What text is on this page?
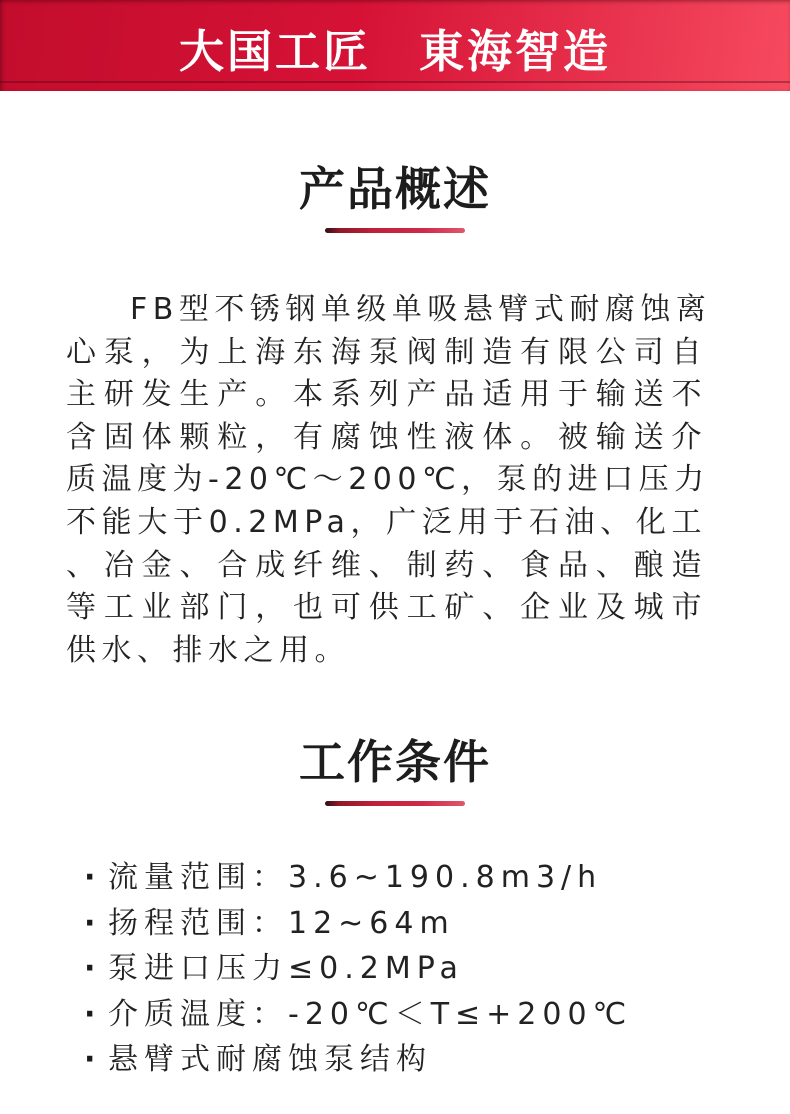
大国工匠　東海智造
产品概述
FB型不锈钢单级单吸悬臂式耐腐蚀离
心泵，为上海东海泵阀制造有限公司自
主研发生产。本系列产品适用于输送不
含固体颗粒，有腐蚀性液体。被输送介
质温度为-20℃～200℃，泵的进口压力
不能大于0.2MPa，广泛用于石油、化工
、冶金、合成纤维、制药、食品、酿造
等工业部门，也可供工矿、企业及城市
供水、排水之用。
工作条件
· 流量范围：3.6~190.8m3/h
· 扬程范围：12~64m
· 泵进口压力≤0.2MPa
· 介质温度：-20℃＜T≤+200℃
· 悬臂式耐腐蚀泵结构
